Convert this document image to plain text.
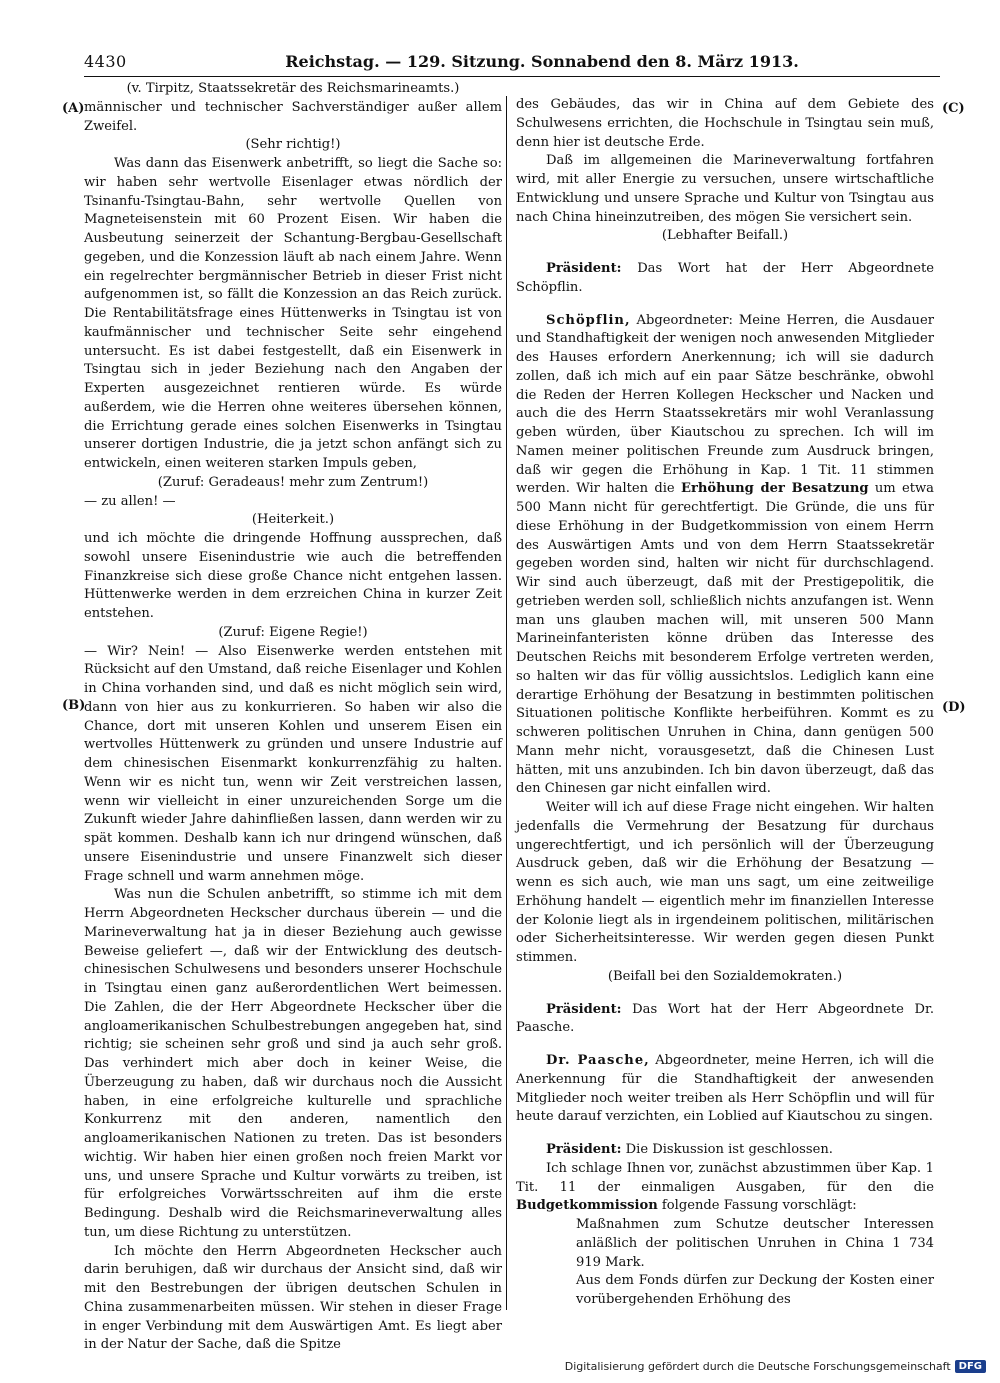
4430	Reichstag. — 129. Sitzung. Sonnabend den 8. März 1913.
(A)
(B)
(C)
(D)

(v. Tirpitz, Staatssekretär des Reichsmarineamts.)

männischer und technischer Sachverständiger außer allem Zweifel.

(Sehr richtig!)

Was dann das Eisenwerk anbetrifft, so liegt die Sache so: wir haben sehr wertvolle Eisenlager etwas nördlich der Tsinanfu-Tsingtau-Bahn, sehr wertvolle Quellen von Magneteisenstein mit 60 Prozent Eisen. Wir haben die Ausbeutung seinerzeit der Schantung-Bergbau-Gesellschaft gegeben, und die Konzession läuft ab nach einem Jahre. Wenn ein regelrechter bergmännischer Betrieb in dieser Frist nicht aufgenommen ist, so fällt die Konzession an das Reich zurück. Die Rentabilitätsfrage eines Hüttenwerks in Tsingtau ist von kaufmännischer und technischer Seite sehr eingehend untersucht. Es ist dabei festgestellt, daß ein Eisenwerk in Tsingtau sich in jeder Beziehung nach den Angaben der Experten ausgezeichnet rentieren würde. Es würde außerdem, wie die Herren ohne weiteres übersehen können, die Errichtung gerade eines solchen Eisenwerks in Tsingtau unserer dortigen Industrie, die ja jetzt schon anfängt sich zu entwickeln, einen weiteren starken Impuls geben,

(Zuruf: Geradeaus! mehr zum Zentrum!)

— zu allen! —

(Heiterkeit.)

und ich möchte die dringende Hoffnung aussprechen, daß sowohl unsere Eisenindustrie wie auch die betreffenden Finanzkreise sich diese große Chance nicht entgehen lassen. Hüttenwerke werden in dem erzreichen China in kurzer Zeit entstehen.

(Zuruf: Eigene Regie!)

— Wir? Nein! — Also Eisenwerke werden entstehen mit Rücksicht auf den Umstand, daß reiche Eisenlager und Kohlen in China vorhanden sind, und daß es nicht möglich sein wird, dann von hier aus zu konkurrieren. So haben wir also die Chance, dort mit unseren Kohlen und unserem Eisen ein wertvolles Hüttenwerk zu gründen und unsere Industrie auf dem chinesischen Eisenmarkt konkurrenzfähig zu halten. Wenn wir es nicht tun, wenn wir Zeit verstreichen lassen, wenn wir vielleicht in einer unzureichenden Sorge um die Zukunft wieder Jahre dahinfließen lassen, dann werden wir zu spät kommen. Deshalb kann ich nur dringend wünschen, daß unsere Eisenindustrie und unsere Finanzwelt sich dieser Frage schnell und warm annehmen möge.

Was nun die Schulen anbetrifft, so stimme ich mit dem Herrn Abgeordneten Heckscher durchaus überein — und die Marineverwaltung hat ja in dieser Beziehung auch gewisse Beweise geliefert —, daß wir der Entwicklung des deutsch-chinesischen Schulwesens und besonders unserer Hochschule in Tsingtau einen ganz außerordentlichen Wert beimessen. Die Zahlen, die der Herr Abgeordnete Heckscher über die angloamerikanischen Schulbestrebungen angegeben hat, sind richtig; sie scheinen sehr groß und sind ja auch sehr groß. Das verhindert mich aber doch in keiner Weise, die Überzeugung zu haben, daß wir durchaus noch die Aussicht haben, in eine erfolgreiche kulturelle und sprachliche Konkurrenz mit den anderen, namentlich den angloamerikanischen Nationen zu treten. Das ist besonders wichtig. Wir haben hier einen großen noch freien Markt vor uns, und unsere Sprache und Kultur vorwärts zu treiben, ist für erfolgreiches Vorwärtsschreiten auf ihm die erste Bedingung. Deshalb wird die Reichsmarineverwaltung alles tun, um diese Richtung zu unterstützen.

Ich möchte den Herrn Abgeordneten Heckscher auch darin beruhigen, daß wir durchaus der Ansicht sind, daß wir mit den Bestrebungen der übrigen deutschen Schulen in China zusammenarbeiten müssen. Wir stehen in dieser Frage in enger Verbindung mit dem Auswärtigen Amt. Es liegt aber in der Natur der Sache, daß die Spitze

des Gebäudes, das wir in China auf dem Gebiete des Schulwesens errichten, die Hochschule in Tsingtau sein muß, denn hier ist deutsche Erde.

Daß im allgemeinen die Marineverwaltung fortfahren wird, mit aller Energie zu versuchen, unsere wirtschaftliche Entwicklung und unsere Sprache und Kultur von Tsingtau aus nach China hineinzutreiben, des mögen Sie versichert sein.

(Lebhafter Beifall.)

Präsident: Das Wort hat der Herr Abgeordnete Schöpflin.

Schöpflin, Abgeordneter: Meine Herren, die Ausdauer und Standhaftigkeit der wenigen noch anwesenden Mitglieder des Hauses erfordern Anerkennung; ich will sie dadurch zollen, daß ich mich auf ein paar Sätze beschränke, obwohl die Reden der Herren Kollegen Heckscher und Nacken und auch die des Herrn Staatssekretärs mir wohl Veranlassung geben würden, über Kiautschou zu sprechen. Ich will im Namen meiner politischen Freunde zum Ausdruck bringen, daß wir gegen die Erhöhung in Kap. 1 Tit. 11 stimmen werden. Wir halten die Erhöhung der Besatzung um etwa 500 Mann nicht für gerechtfertigt. Die Gründe, die uns für diese Erhöhung in der Budgetkommission von einem Herrn des Auswärtigen Amts und von dem Herrn Staatssekretär gegeben worden sind, halten wir nicht für durchschlagend. Wir sind auch überzeugt, daß mit der Prestigepolitik, die getrieben werden soll, schließlich nichts anzufangen ist. Wenn man uns glauben machen will, mit unseren 500 Mann Marineinfanteristen könne drüben das Interesse des Deutschen Reichs mit besonderem Erfolge vertreten werden, so halten wir das für völlig aussichtslos. Lediglich kann eine derartige Erhöhung der Besatzung in bestimmten politischen Situationen politische Konflikte herbeiführen. Kommt es zu schweren politischen Unruhen in China, dann genügen 500 Mann mehr nicht, vorausgesetzt, daß die Chinesen Lust hätten, mit uns anzubinden. Ich bin davon überzeugt, daß das den Chinesen gar nicht einfallen wird.

Weiter will ich auf diese Frage nicht eingehen. Wir halten jedenfalls die Vermehrung der Besatzung für durchaus ungerechtfertigt, und ich persönlich will der Überzeugung Ausdruck geben, daß wir die Erhöhung der Besatzung — wenn es sich auch, wie man uns sagt, um eine zeitweilige Erhöhung handelt — eigentlich mehr im finanziellen Interesse der Kolonie liegt als in irgendeinem politischen, militärischen oder Sicherheitsinteresse. Wir werden gegen diesen Punkt stimmen.

(Beifall bei den Sozialdemokraten.)

Präsident: Das Wort hat der Herr Abgeordnete Dr. Paasche.

Dr. Paasche, Abgeordneter, meine Herren, ich will die Anerkennung für die Standhaftigkeit der anwesenden Mitglieder noch weiter treiben als Herr Schöpflin und will für heute darauf verzichten, ein Loblied auf Kiautschou zu singen.

Präsident: Die Diskussion ist geschlossen.

Ich schlage Ihnen vor, zunächst abzustimmen über Kap. 1 Tit. 11 der einmaligen Ausgaben, für den die Budgetkommission folgende Fassung vorschlägt:

Maßnahmen zum Schutze deutscher Interessen anläßlich der politischen Unruhen in China 1 734 919 Mark.

Aus dem Fonds dürfen zur Deckung der Kosten einer vorübergehenden Erhöhung des

Digitalisierung gefördert durch die Deutsche Forschungsgemeinschaft DFG
